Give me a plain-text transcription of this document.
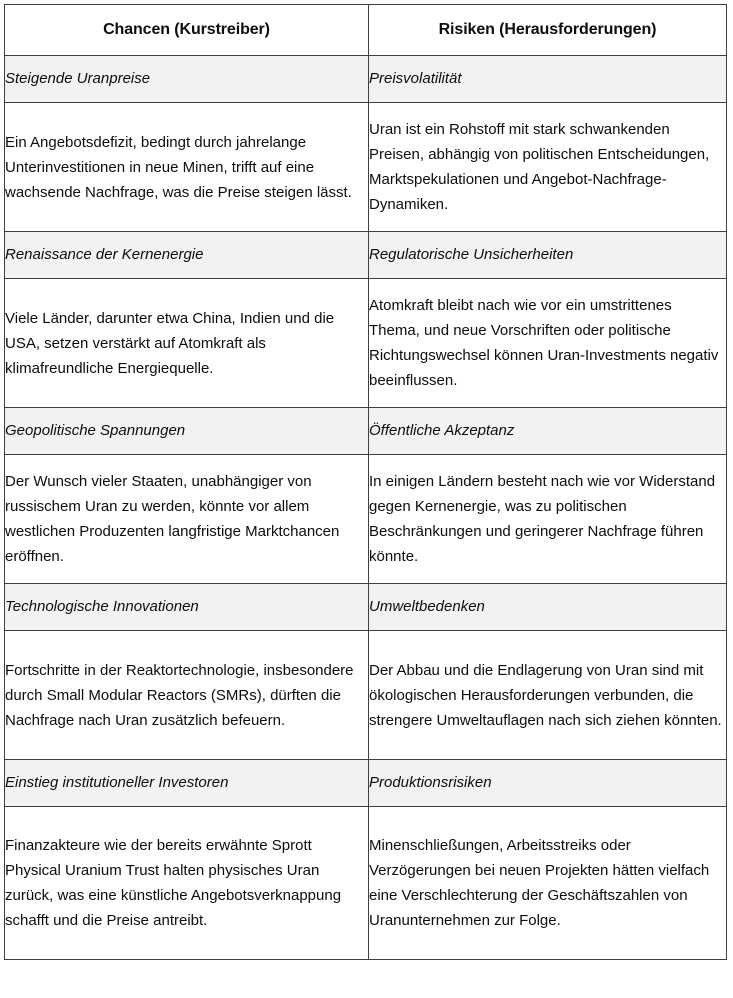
Chancen (Kurstreiber)	Risiken (Herausforderungen)
Steigende Uranpreise	Preisvolatilität
Ein Angebotsdefizit, bedingt durch jahrelange Unterinvestitionen in neue Minen, trifft auf eine wachsende Nachfrage, was die Preise steigen lässt.	Uran ist ein Rohstoff mit stark schwankenden Preisen, abhängig von politischen Entscheidungen, Marktspekulationen und Angebot-Nachfrage-Dynamiken.
Renaissance der Kernenergie	Regulatorische Unsicherheiten
Viele Länder, darunter etwa China, Indien und die USA, setzen verstärkt auf Atomkraft als klimafreundliche Energiequelle.	Atomkraft bleibt nach wie vor ein umstrittenes Thema, und neue Vorschriften oder politische Richtungswechsel können Uran-Investments negativ beeinflussen.
Geopolitische Spannungen	Öffentliche Akzeptanz
Der Wunsch vieler Staaten, unabhängiger von russischem Uran zu werden, könnte vor allem westlichen Produzenten langfristige Marktchancen eröffnen.	In einigen Ländern besteht nach wie vor Widerstand gegen Kernenergie, was zu politischen Beschränkungen und geringerer Nachfrage führen könnte.
Technologische Innovationen	Umweltbedenken
Fortschritte in der Reaktortechnologie, insbesondere durch Small Modular Reactors (SMRs), dürften die Nachfrage nach Uran zusätzlich befeuern.	Der Abbau und die Endlagerung von Uran sind mit ökologischen Herausforderungen verbunden, die strengere Umweltauflagen nach sich ziehen könnten.
Einstieg institutioneller Investoren	Produktionsrisiken
Finanzakteure wie der bereits erwähnte Sprott Physical Uranium Trust halten physisches Uran zurück, was eine künstliche Angebotsverknappung schafft und die Preise antreibt.	Minenschließungen, Arbeitsstreiks oder Verzögerungen bei neuen Projekten hätten vielfach eine Verschlechterung der Geschäftszahlen von Uranunternehmen zur Folge.
